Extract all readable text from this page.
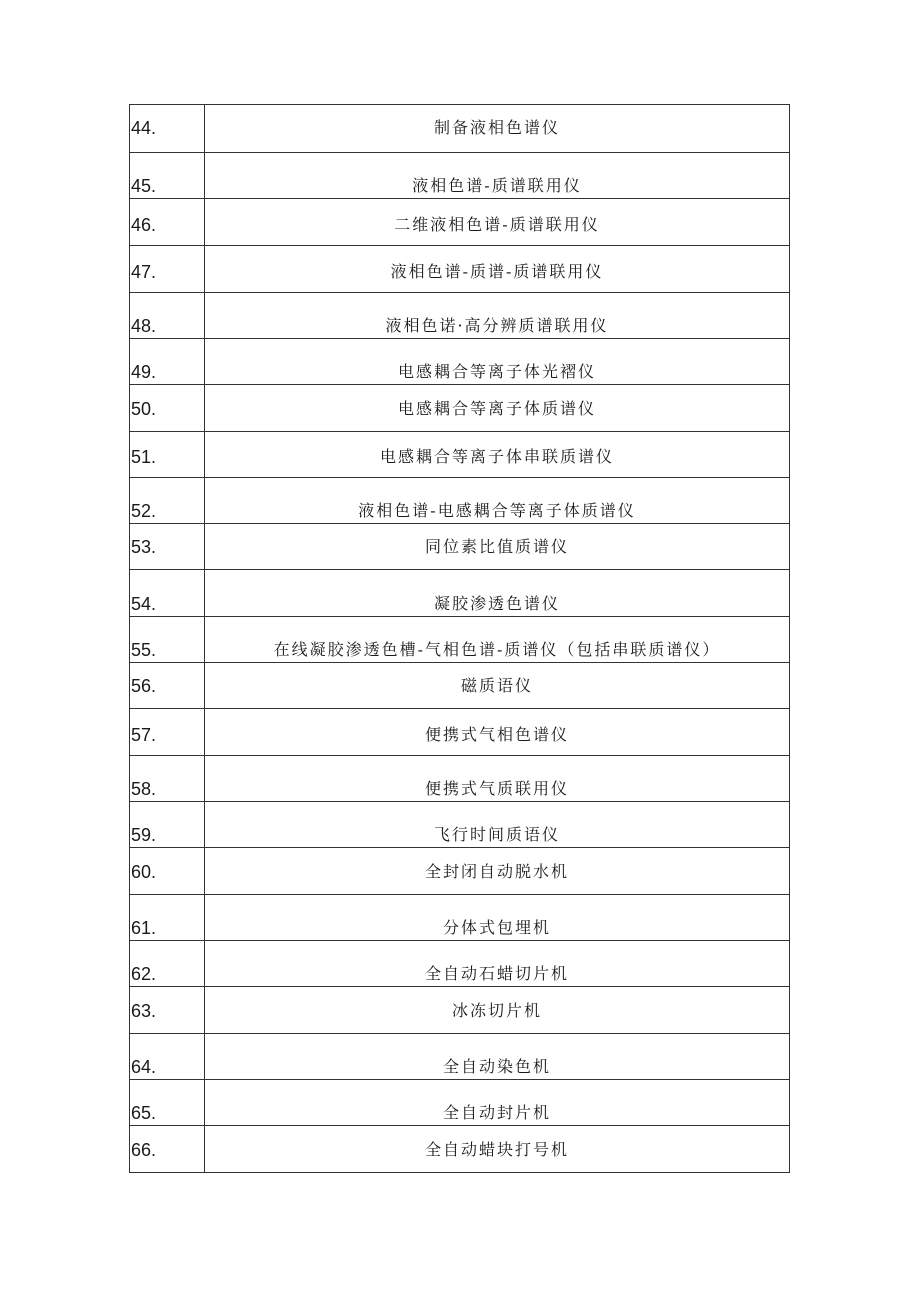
44.	制备液相色谱仪

45.	液相色谱-质谱联用仪

46.	二维液相色谱-质谱联用仪

47.	液相色谱-质谱-质谱联用仪

48.	液相色诺·高分辨质谱联用仪

49.	电感耦合等离子体光褶仪

50.	电感耦合等离子体质谱仪

51.	电感耦合等离子体串联质谱仪

52.	液相色谱-电感耦合等离子体质谱仪

53.	同位素比值质谱仪

54.	凝胶渗透色谱仪

55.	在线凝胶渗透色槽-气相色谱-质谱仪（包括串联质谱仪）

56.	磁质语仪

57.	便携式气相色谱仪

58.	便携式气质联用仪

59.	飞行时间质语仪

60.	全封闭自动脱水机

61.	分体式包埋机

62.	全自动石蜡切片机

63.	冰冻切片机

64.	全自动染色机

65.	全自动封片机

66.	全自动蜡块打号机
